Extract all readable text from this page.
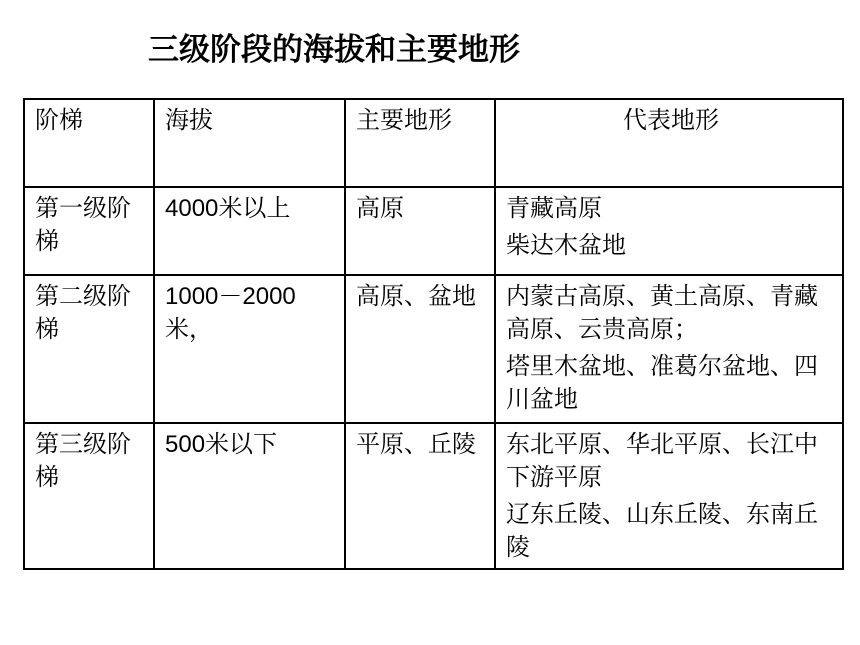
三级阶段的海拔和主要地形
阶梯	海拔	主要地形	代表地形
第一级阶梯	4000米以上	高原	青藏高原
柴达木盆地

第二级阶梯	1000－2000米，	高原、盆地	内蒙古高原、黄土高原、青藏高原、云贵高原；
塔里木盆地、准葛尔盆地、四川盆地

第三级阶梯	500米以下	平原、丘陵	东北平原、华北平原、长江中下游平原
辽东丘陵、山东丘陵、东南丘陵
